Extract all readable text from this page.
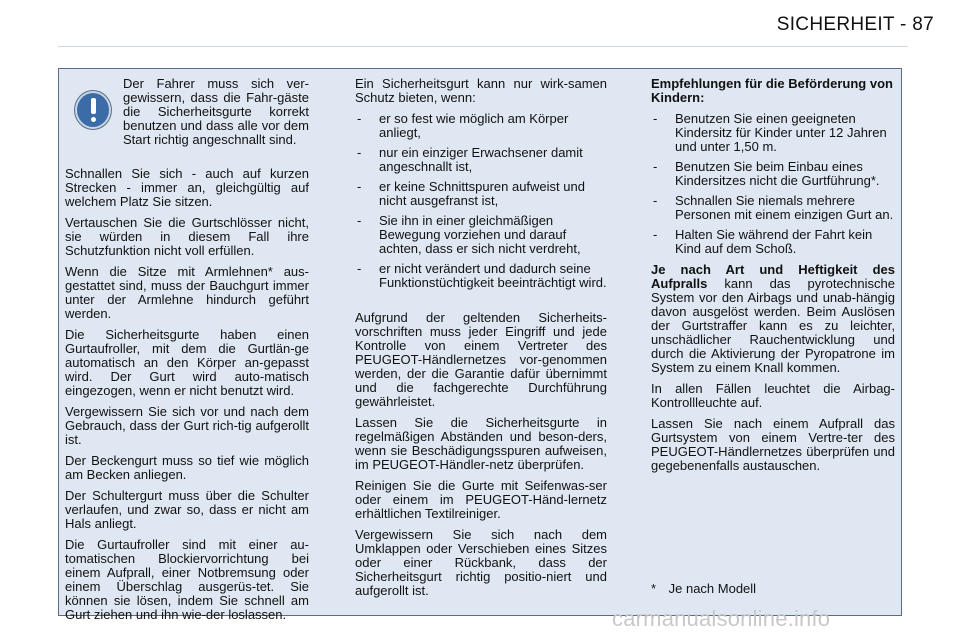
SICHERHEIT - 87

Der Fahrer muss sich ver-gewissern, dass die Fahr-gäste die Sicherheitsgurte korrekt benutzen und dass alle vor dem Start richtig angeschnallt sind.

Schnallen Sie sich - auch auf kurzen Strecken - immer an, gleichgültig auf welchem Platz Sie sitzen.

Vertauschen Sie die Gurtschlösser nicht, sie würden in diesem Fall ihre Schutzfunktion nicht voll erfüllen.

Wenn die Sitze mit Armlehnen* aus-gestattet sind, muss der Bauchgurt immer unter der Armlehne hindurch geführt werden.

Die Sicherheitsgurte haben einen Gurtaufroller, mit dem die Gurtlän-ge automatisch an den Körper an-gepasst wird. Der Gurt wird auto-matisch eingezogen, wenn er nicht benutzt wird.

Vergewissern Sie sich vor und nach dem Gebrauch, dass der Gurt rich-tig aufgerollt ist.

Der Beckengurt muss so tief wie möglich am Becken anliegen.

Der Schultergurt muss über die Schulter verlaufen, und zwar so, dass er nicht am Hals anliegt.

Die Gurtaufroller sind mit einer au-tomatischen Blockiervorrichtung bei einem Aufprall, einer Notbremsung oder einem Überschlag ausgerüs-tet. Sie können sie lösen, indem Sie schnell am Gurt ziehen und ihn wie-der loslassen.

Ein Sicherheitsgurt kann nur wirk-samen Schutz bieten, wenn:

- er so fest wie möglich am Körper anliegt,
- nur ein einziger Erwachsener damit angeschnallt ist,
- er keine Schnittspuren aufweist und nicht ausgefranst ist,
- Sie ihn in einer gleichmäßigen Bewegung vorziehen und darauf achten, dass er sich nicht verdreht,
- er nicht verändert und dadurch seine Funktionstüchtigkeit beeinträchtigt wird.

Aufgrund der geltenden Sicherheits-vorschriften muss jeder Eingriff und jede Kontrolle von einem Vertreter des PEUGEOT-Händlernetzes vor-genommen werden, der die Garantie dafür übernimmt und die fachgerechte Durchführung gewährleistet.

Lassen Sie die Sicherheitsgurte in regelmäßigen Abständen und beson-ders, wenn sie Beschädigungsspuren aufweisen, im PEUGEOT-Händler-netz überprüfen.

Reinigen Sie die Gurte mit Seifenwas-ser oder einem im PEUGEOT-Händ-lernetz erhältlichen Textilreiniger.

Vergewissern Sie sich nach dem Umklappen oder Verschieben eines Sitzes oder einer Rückbank, dass der Sicherheitsgurt richtig positio-niert und aufgerollt ist.

Empfehlungen für die Beförderung von Kindern:

- Benutzen Sie einen geeigneten Kindersitz für Kinder unter 12 Jahren und unter 1,50 m.
- Benutzen Sie beim Einbau eines Kindersitzes nicht die Gurtführung*.
- Schnallen Sie niemals mehrere Personen mit einem einzigen Gurt an.
- Halten Sie während der Fahrt kein Kind auf dem Schoß.

Je nach Art und Heftigkeit des Aufpralls kann das pyrotechnische System vor den Airbags und unab-hängig davon ausgelöst werden. Beim Auslösen der Gurtstraffer kann es zu leichter, unschädlicher Rauchentwicklung und durch die Aktivierung der Pyropatrone im System zu einem Knall kommen.

In allen Fällen leuchtet die Airbag-Kontrollleuchte auf.

Lassen Sie nach einem Aufprall das Gurtsystem von einem Vertre-ter des PEUGEOT-Händlernetzes überprüfen und gegebenenfalls austauschen.

* Je nach Modell
carmanualsonline.info
